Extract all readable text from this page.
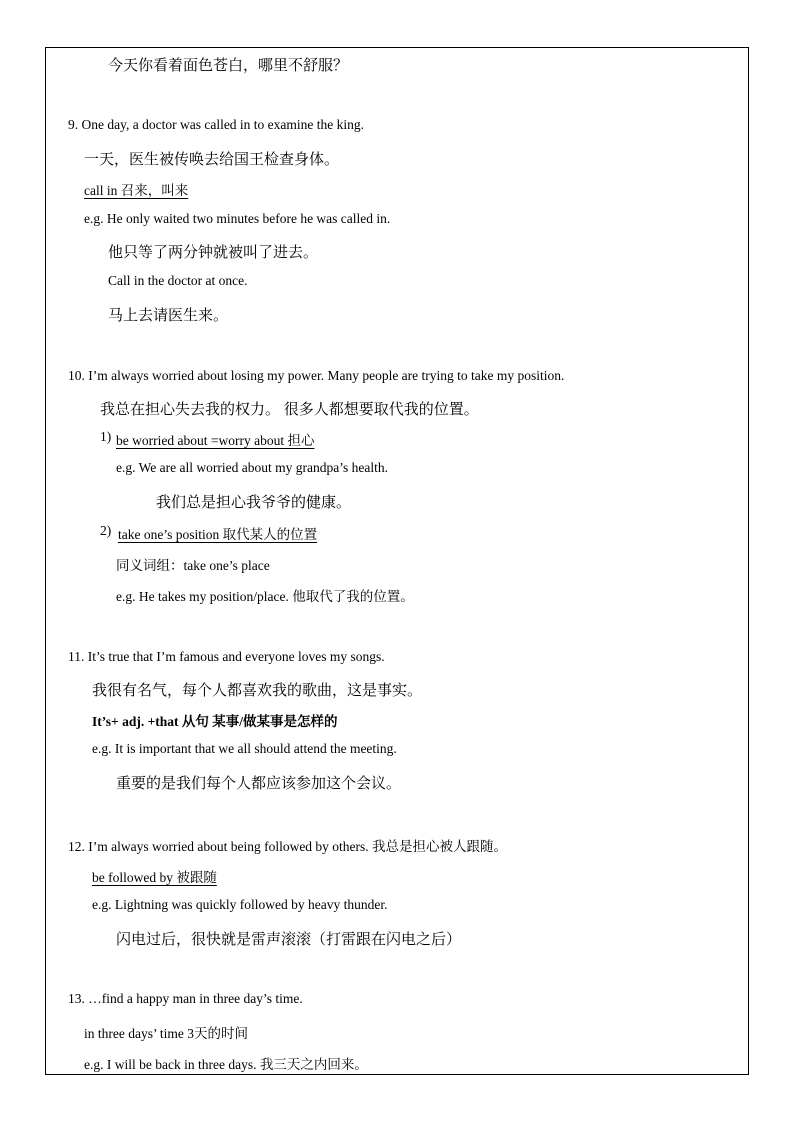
今天你看着面色苍白，哪里不舒服？
9. One day, a doctor was called in to examine the king.
一天，医生被传唤去给国王检查身体。
call in 召来，叫来
e.g. He only waited two minutes before he was called in.
他只等了两分钟就被叫了进去。
Call in the doctor at once.
马上去请医生来。
10. I’m always worried about losing my power. Many people are trying to take my position.
我总在担心失去我的权力。 很多人都想要取代我的位置。
1) be worried about =worry about 担心
e.g. We are all worried about my grandpa’s health.
我们总是担心我爷爷的健康。
2) take one’s position 取代某人的位置
同义词组：take one’s place
e.g. He takes my position/place. 他取代了我的位置。
11. It’s true that I’m famous and everyone loves my songs.
我很有名气，每个人都喜欢我的歌曲，这是事实。
It’s+ adj. +that 从句 某事/做某事是怎样的
e.g. It is important that we all should attend the meeting.
重要的是我们每个人都应该参加这个会议。
12. I’m always worried about being followed by others. 我总是担心被人跟随。
be followed by 被跟随
e.g. Lightning was quickly followed by heavy thunder.
闪电过后，很快就是雷声滚滚（打雷跟在闪电之后）
13. …find a happy man in three day’s time.
in three days’ time 3天的时间
e.g. I will be back in three days. 我三天之内回来。
